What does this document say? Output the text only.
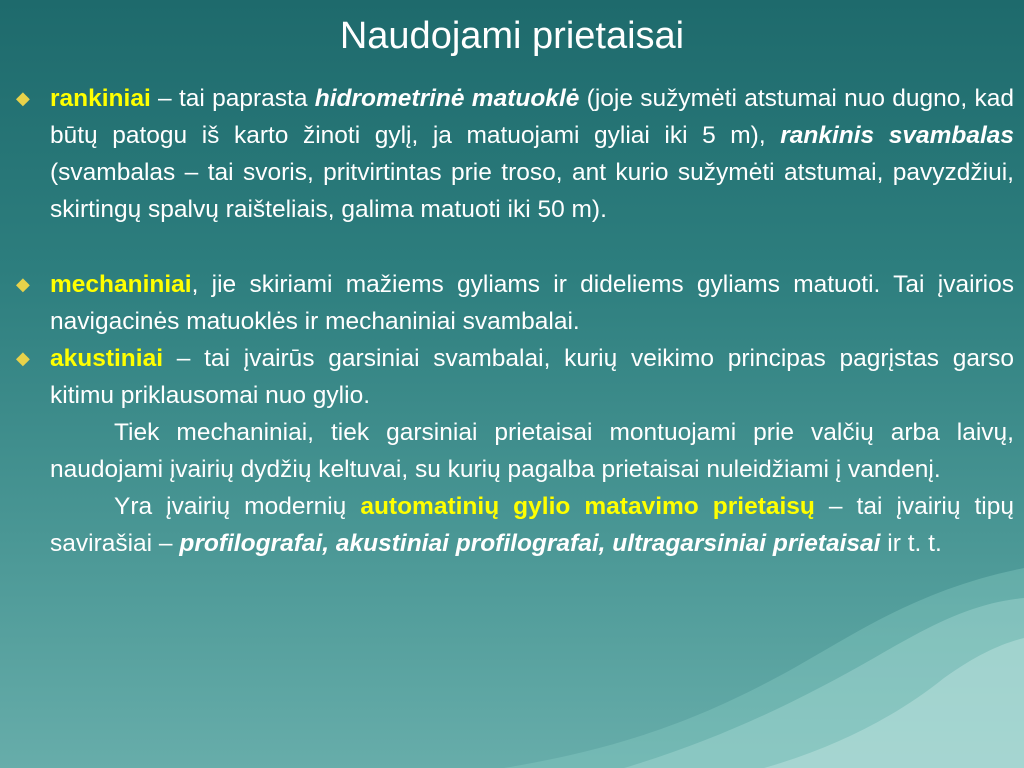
Naudojami prietaisai

◆ rankiniai – tai paprasta hidrometrinė matuoklė (joje sužymėti atstumai nuo dugno, kad būtų patogu iš karto žinoti gylį, ja matuojami gyliai iki 5 m), rankinis svambalas (svambalas – tai svoris, pritvirtintas prie troso, ant kurio sužymėti atstumai, pavyzdžiui, skirtingų spalvų raišteliais, galima matuoti iki 50 m).

◆ mechaniniai, jie skiriami mažiems gyliams ir dideliems gyliams matuoti. Tai įvairios navigacinės matuoklės ir mechaniniai svambalai.

◆ akustiniai – tai įvairūs garsiniai svambalai, kurių veikimo principas pagrįstas garso kitimu priklausomai nuo gylio.

Tiek mechaniniai, tiek garsiniai prietaisai montuojami prie valčių arba laivų, naudojami įvairių dydžių keltuvai, su kurių pagalba prietaisai nuleidžiami į vandenį.

Yra įvairių modernių automatinių gylio matavimo prietaisų – tai įvairių tipų savirašiai – profilografai, akustiniai profilografai, ultragarsiniai prietaisai ir t. t.
